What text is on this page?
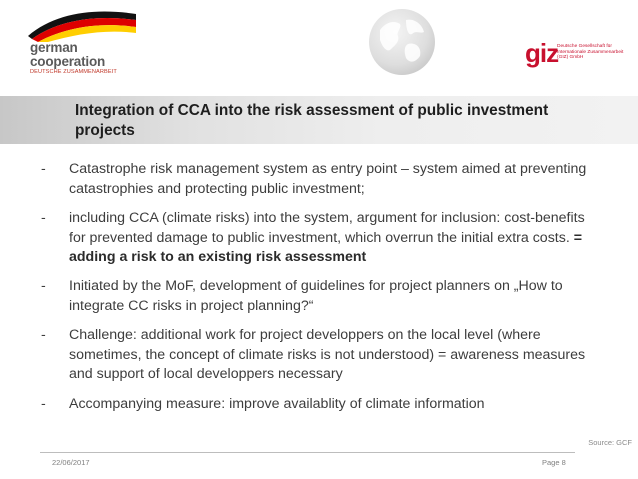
german
cooperation
DEUTSCHE ZUSAMMENARBEIT
giz
Deutsche Gesellschaft für Internationale Zusammenarbeit (GIZ) GmbH
Integration of CCA into the risk assessment of public investment projects
- Catastrophe risk management system as entry point – system aimed at preventing catastrophies and protecting public investment;
- including CCA (climate risks) into the system, argument for inclusion: cost-benefits for prevented damage to public investment, which overrun the initial extra costs. = adding a risk to an existing risk assessment
- Initiated by the MoF, development of guidelines for project planners on „How to integrate CC risks in project planning?“
- Challenge: additional work for project developpers on the local level (where sometimes, the concept of climate risks is not understood) = awareness measures and support of local developpers necessary
- Accompanying measure: improve availablity of climate information
Source: GCF
22/06/2017	Page 8
